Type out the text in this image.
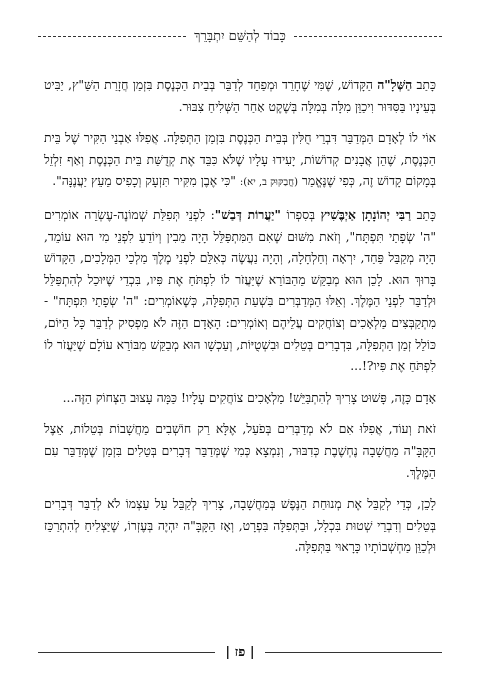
כָּבוֹד לְהַשֵּׁם יִתְבָּרֵךְ

כָּתַב הַשְּׁלָ"ה הַקָּדוֹשׁ, שֶׁמִּי שֶׁחָרֵד וּמְפַחֵד לְדַבֵּר בְּבֵית הַכְּנֶסֶת בִּזְמַן חֲזָרַת הַשַּׁ"ץ, יַבִּיט בְּעֵינָיו בַּסִּדּוּר וִיכַוֵּן מִלָּה בְּמִלָּה בְּשֶׁקֶט אַחַר הַשְּׁלִיחַ צִבּוּר.

אוֹי לוֹ לְאָדָם הַמְּדַבֵּר דִּבְרֵי חֻלִּין בְּבֵית הַכְּנֶסֶת בִּזְמַן הַתְּפִלָּה. אֲפִלּוּ אַבְנֵי הַקִּיר שֶׁל בֵּית הַכְּנֶסֶת, שֶׁהֵן אֲבָנִים קְדוֹשׁוֹת, יָעִידוּ עָלָיו שֶׁלֹּא כִּבֵּד אֶת קְדֻשַּׁת בֵּית הַכְּנֶסֶת וְאַף זִלְזֵל בְּמָקוֹם קָדוֹשׁ זֶה, כְּפִי שֶׁנֶּאֱמַר (חֲבַקּוּק ב, יא): "כִּי אֶבֶן מִקִּיר תִּזְעָק וְכָפִיס מֵעֵץ יַעֲנֶנָּה".

כָּתַב רַבִּי יְהוֹנָתָן אַיְבֶּשִׁיץ בְּסִפְרוֹ "יַעֲרוֹת דְּבַשׁ": לִפְנֵי תְּפִלַּת שְׁמוֹנֶה-עֶשְׂרֵה אוֹמְרִים "ה' שְׂפָתַי תִּפְתָּח", וְזֹאת מִשּׁוּם שֶׁאִם הַמִּתְפַּלֵּל הָיָה מֵבִין וְיוֹדֵעַ לִפְנֵי מִי הוּא עוֹמֵד, הָיָה מְקַבֵּל פַּחַד, יִרְאָה וְחַלְחָלָה, וְהָיָה נַעֲשֶׂה כְּאִלֵּם לִפְנֵי מֶלֶךְ מַלְכֵי הַמְּלָכִים, הַקָּדוֹשׁ בָּרוּךְ הוּא. לָכֵן הוּא מְבַקֵּשׁ מֵהַבּוֹרֵא שֶׁיַּעֲזֹר לוֹ לִפְתֹּחַ אֶת פִּיו, בִּכְדֵי שֶׁיּוּכַל לְהִתְפַּלֵּל וּלְדַבֵּר לִפְנֵי הַמֶּלֶךְ. וְאֵלּוּ הַמְּדַבְּרִים בִּשְׁעַת הַתְּפִלָּה, כְּשֶׁאוֹמְרִים: "ה' שְׂפָתַי תִּפְתָּח" - מִתְקַבְּצִים מַלְאָכִים וְצוֹחֲקִים עֲלֵיהֶם וְאוֹמְרִים: הָאָדָם הַזֶּה לֹא מַפְסִיק לְדַבֵּר כָּל הַיּוֹם, כּוֹלֵל זְמַן הַתְּפִלָּה, בִּדְבָרִים בְּטֵלִים וּבִשְׁטֻיּוֹת, וְעַכְשָׁו הוּא מְבַקֵּשׁ מִבּוֹרֵא עוֹלָם שֶׁיַּעֲזֹר לוֹ לִפְתֹּחַ אֶת פִּיו?!...

אָדָם כָּזֶה, פָּשׁוּט צָרִיךְ לְהִתְבַּיֵּשׁ! מַלְאָכִים צוֹחֲקִים עָלָיו! כַּמָּה עָצוּב הַצְּחוֹק הַזֶּה...

זֹאת וְעוֹד, אֲפִלּוּ אִם לֹא מְדַבְּרִים בְּפֹעַל, אֶלָּא רַק חוֹשְׁבִים מַחֲשָׁבוֹת בְּטֵלוֹת, אֵצֶל הַקָּבָּ"ה מַחֲשָׁבָה נֶחְשֶׁבֶת כְּדִבּוּר, וְנִמְצָא כְּמִי שֶׁמְּדַבֵּר דְּבָרִים בְּטֵלִים בִּזְמַן שֶׁמְּדַבֵּר עִם הַמֶּלֶךְ.

לָכֵן, כְּדֵי לְקַבֵּל אֶת מְנוּחַת הַנֶּפֶשׁ בְּמַחֲשָׁבָה, צָרִיךְ לְקַבֵּל עַל עַצְמוֹ לֹא לְדַבֵּר דְּבָרִים בְּטֵלִים וְדִבְרֵי שְׁטוּת בִּכְלָל, וּבַתְּפִלָּה בִּפְרָט, וְאָז הַקָּבָּ"ה יִהְיֶה בְּעֶזְרוֹ, שֶׁיַּצְלִיחַ לְהִתְרַכֵּז וּלְכַוֵּן מַחְשְׁבוֹתָיו כָּרָאוּי בַּתְּפִלָּה.

| פז |
